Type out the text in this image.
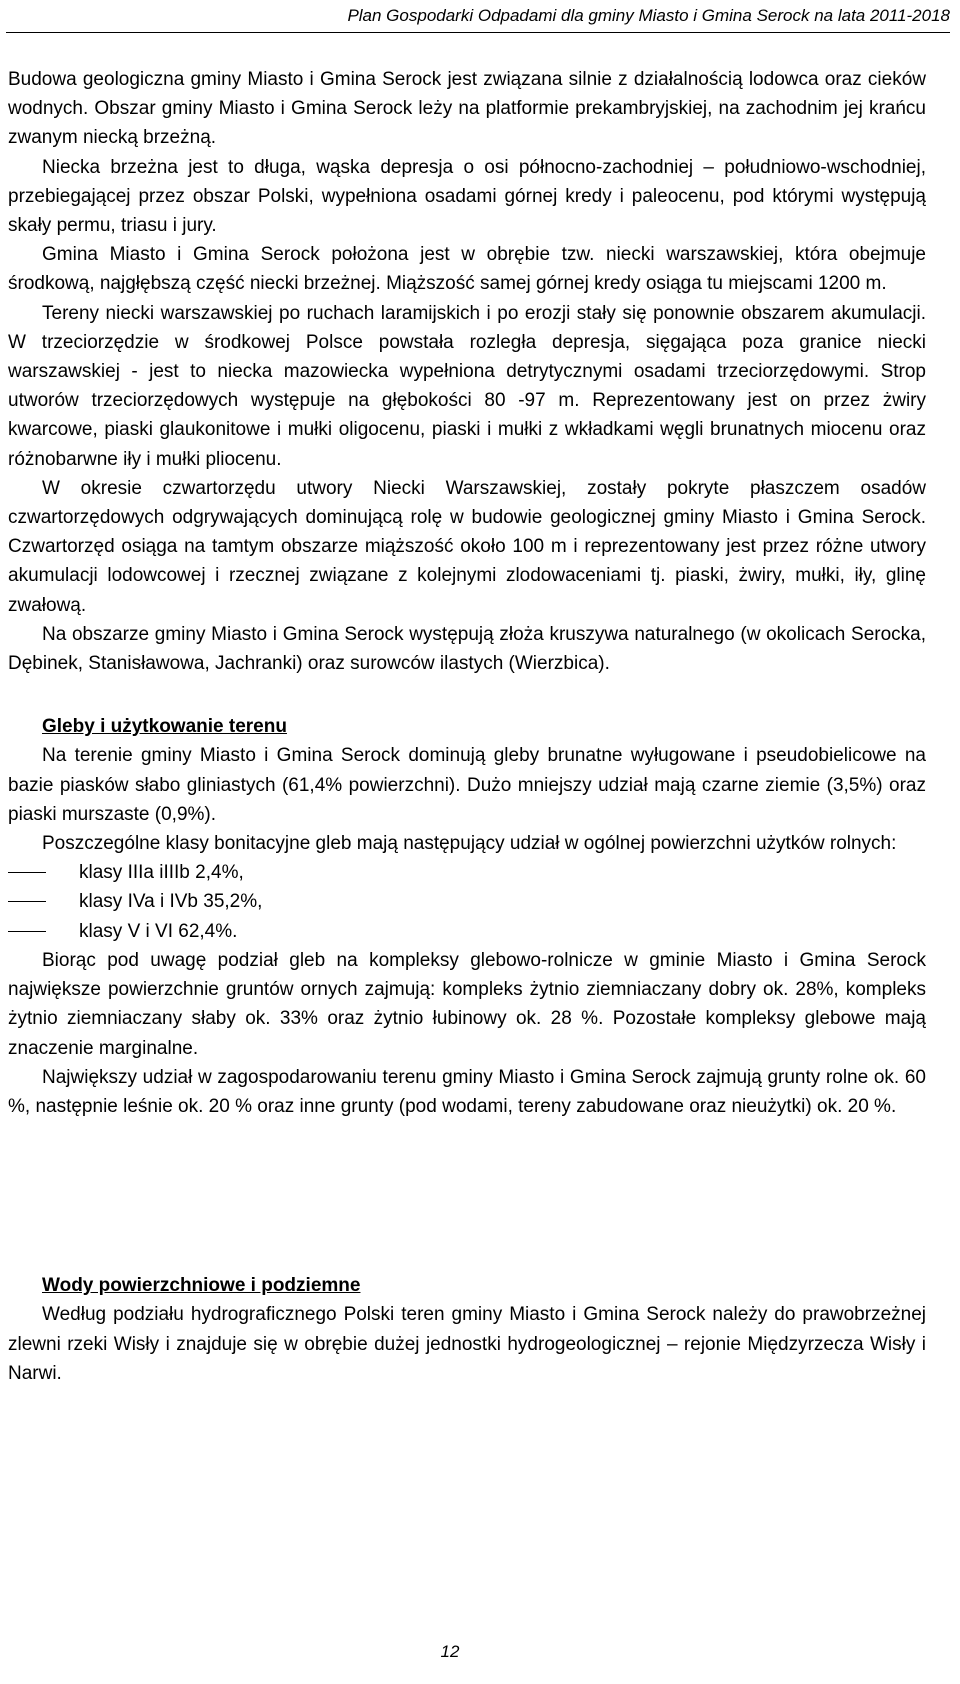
Plan Gospodarki Odpadami dla gminy Miasto i Gmina Serock na lata 2011-2018

Budowa geologiczna gminy Miasto i Gmina Serock jest związana silnie z działalnością lodowca oraz cieków wodnych. Obszar gminy Miasto i Gmina Serock leży na platformie prekambryjskiej, na zachodnim jej krańcu zwanym niecką brzeżną.

Niecka brzeżna jest to długa, wąska depresja o osi północno-zachodniej – południowo-wschodniej, przebiegającej przez obszar Polski, wypełniona osadami górnej kredy i paleocenu, pod którymi występują skały permu, triasu i jury.

Gmina Miasto i Gmina Serock położona jest w obrębie tzw. niecki warszawskiej, która obejmuje środkową, najgłębszą część niecki brzeżnej. Miąższość samej górnej kredy osiąga tu miejscami 1200 m.

Tereny niecki warszawskiej po ruchach laramijskich i po erozji stały się ponownie obszarem akumulacji. W trzeciorzędzie w środkowej Polsce powstała rozległa depresja, sięgająca poza granice niecki warszawskiej - jest to niecka mazowiecka wypełniona detrytycznymi osadami trzeciorzędowymi. Strop utworów trzeciorzędowych występuje na głębokości 80 -97 m. Reprezentowany jest on przez żwiry kwarcowe, piaski glaukonitowe i mułki oligocenu, piaski i mułki z wkładkami węgli brunatnych miocenu oraz różnobarwne iły i mułki pliocenu.

W okresie czwartorzędu utwory Niecki Warszawskiej, zostały pokryte płaszczem osadów czwartorzędowych odgrywających dominującą rolę w budowie geologicznej gminy Miasto i Gmina Serock. Czwartorzęd osiąga na tamtym obszarze miąższość około 100 m i reprezentowany jest przez różne utwory akumulacji lodowcowej i rzecznej związane z kolejnymi zlodowaceniami tj. piaski, żwiry, mułki, iły, glinę zwałową.

Na obszarze gminy Miasto i Gmina Serock występują złoża kruszywa naturalnego (w okolicach Serocka, Dębinek, Stanisławowa, Jachranki) oraz surowców ilastych (Wierzbica).

Gleby i użytkowanie terenu

Na terenie gminy Miasto i Gmina Serock dominują gleby brunatne wyługowane i pseudobielicowe na bazie piasków słabo gliniastych (61,4% powierzchni). Dużo mniejszy udział mają czarne ziemie (3,5%) oraz piaski murszaste (0,9%).

Poszczególne klasy bonitacyjne gleb mają następujący udział w ogólnej powierzchni użytków rolnych:

klasy IIIa iIIIb 2,4%,
klasy IVa i IVb 35,2%,
klasy V i VI 62,4%.

Biorąc pod uwagę podział gleb na kompleksy glebowo-rolnicze w gminie Miasto i Gmina Serock największe powierzchnie gruntów ornych zajmują: kompleks żytnio ziemniaczany dobry ok. 28%, kompleks żytnio ziemniaczany słaby ok. 33% oraz żytnio łubinowy ok. 28 %. Pozostałe kompleksy glebowe mają znaczenie marginalne.

Największy udział w zagospodarowaniu terenu gminy Miasto i Gmina Serock zajmują grunty rolne ok. 60 %, następnie leśnie ok. 20 % oraz inne grunty (pod wodami, tereny zabudowane oraz nieużytki) ok. 20 %.

Wody powierzchniowe i podziemne

Według podziału hydrograficznego Polski teren gminy Miasto i Gmina Serock należy do prawobrzeżnej zlewni rzeki Wisły i znajduje się w obrębie dużej jednostki hydrogeologicznej – rejonie Międzyrzecza Wisły i Narwi.

12
